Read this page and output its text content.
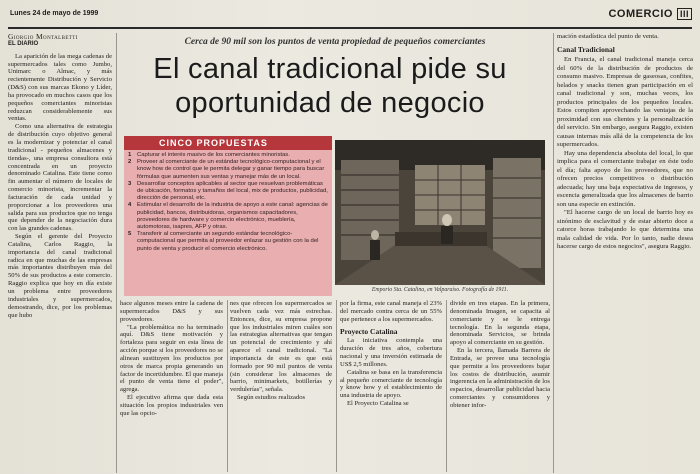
Lunes 24 de mayo de 1999	COMERCIO III
Giorgio Montalbetti
EL DIARIO

La aparición de las mega cadenas de supermercados tales como Jumbo, Unimarc o Almac, y más recientemente Distribución y Servicio (D&S) con sus marcas Ekono y Líder, ha provocado en muchos casos que los pequeños comerciantes minoristas reduzcan considerablemente sus ventas.

Como una alternativa de estrategia de distribución cuyo objetivo general es la modernizar y potenciar el canal tradicional - pequeños almacenes y tiendas-, una empresa consultora está concentrada en un proyecto denominado Catalina. Este tiene como fin aumentar el número de locales de comercio minorista, incrementar la facturación de cada unidad y proporcionar a los proveedores una salida para sus productos que no tenga que depender de la negociación dura con las grandes cadenas.

Según el gerente del Proyecto Catalina, Carlos Raggio, la importancia del canal tradicional radica en que muchas de las empresas más importantes distribuyen más del 50% de sus productos a este comercio. Raggio explica que hoy en día existe un problema entre proveedores industriales y supermercados, demostrando, dice, por los problemas que hubo

Cerca de 90 mil son los puntos de venta propiedad de pequeños comerciantes
El canal tradicional pide su oportunidad de negocio
CINCO PROPUESTAS
1 Capturar el interés masivo de los comerciantes minoristas.
2 Proveer al comerciante de un estándar tecnológico-computacional y el know how de control que le permita delegar y ganar tiempo para buscar fórmulas que aumenten sus ventas y manejar más de un local.
3 Desarrollar conceptos aplicables al sector que resuelvan problemáticas de ubicación, formatos y tamaños del local, mix de productos, publicidad, dirección de personal, etc.
4 Estimular el desarrollo de la industria de apoyo a este canal: agencias de publicidad, bancos, distribuidoras, organismos capacitadores, proveedores de hardware y comercio electrónico, mueblería, automotoras, isapres, AFP y otras.
5 Transferir al comerciante un segundo estándar tecnológico-computacional que permita al proveedor enlazar su gestión con la del punto de venta y producir el comercio electrónico.
Emporio Sta. Catalina, en Valparaíso. Fotografía de 1911.

hace algunos meses entre la cadena de supermercados D&S y sus proveedores.

"La problemática no ha terminado aquí. D&S tiene motivación y fortaleza para seguir en esta línea de acción porque si los proveedores no se alinean sustituyen los productos por otros de marca propia generando un factor de incertidumbre. El que maneja el punto de venta tiene el poder", agrega.

El ejecutivo afirma que dada esta situación los propios industriales ven que las opcio-

nes que ofrecen los supermercados se vuelven cada vez más estrechas. Entonces, dice, su empresa propone que los industriales miren cuáles son las estrategias alternativas que tengan un potencial de crecimiento y ahí aparece el canal tradicional. "La importancia de este es que está formado por 90 mil puntos de venta (sin considerar los almacenes de barrio, minimarkets, botillerías y verdulerías", señala.

Según estudios realizados

por la firma, este canal maneja el 23% del mercado contra cerca de un 55% que pertenece a los supermercados.

Proyecto Catalina

La iniciativa contempla una duración de tres años, cobertura nacional y una inversión estimada de US$ 2,5 millones.

Catalina se basa en la transferencia al pequeño comerciante de tecnología y know how y el establecimiento de una industria de apoyo.

El Proyecto Catalina se

divide en tres etapas. En la primera, denominada Imagen, se capacita al comerciante y se le entrega tecnología. En la segunda etapa, denominada Servicios, se brinda apoyo al comerciante en su gestión.

En la tercera, llamada Barrera de Entrada, se provee una tecnología que permite a los proveedores bajar los costos de distribución, asumir ingerencia en la administración de los espacios, desarrollar publicidad hacia comerciantes y consumidores y obtener infor-

mación estadística del punto de venta.

Canal Tradicional

En Francia, el canal tradicional maneja cerca del 60% de la distribución de productos de consumo masivo. Empresas de gaseosas, confites, helados y snacks tienen gran participación en el canal tradicional y son, muchas veces, los productos principales de los pequeños locales. Estos compiten aprovechando las ventajas de la proximidad con sus clientes y la personalización del servicio. Sin embargo, asegura Raggio, existen causas internas más allá de la competencia de los supermercados.

Hay una dependencia absoluta del local, lo que implica para el comerciante trabajar en éste todo el día; falta apoyo de los proveedores, que no ofrecen precios competitivos o distribución adecuada; hay una baja expectativa de ingresos, y escencia generalizada que los almacenes de barrio son una especie en extinción.

"El hacerse cargo de un local de barrio hoy es sinónimo de esclavitud y de estar abierto doce a catorce horas trabajando lo que determina una mala calidad de vida. Por lo tanto, nadie desea hacerse cargo de estos negocios", asegura Raggio.
